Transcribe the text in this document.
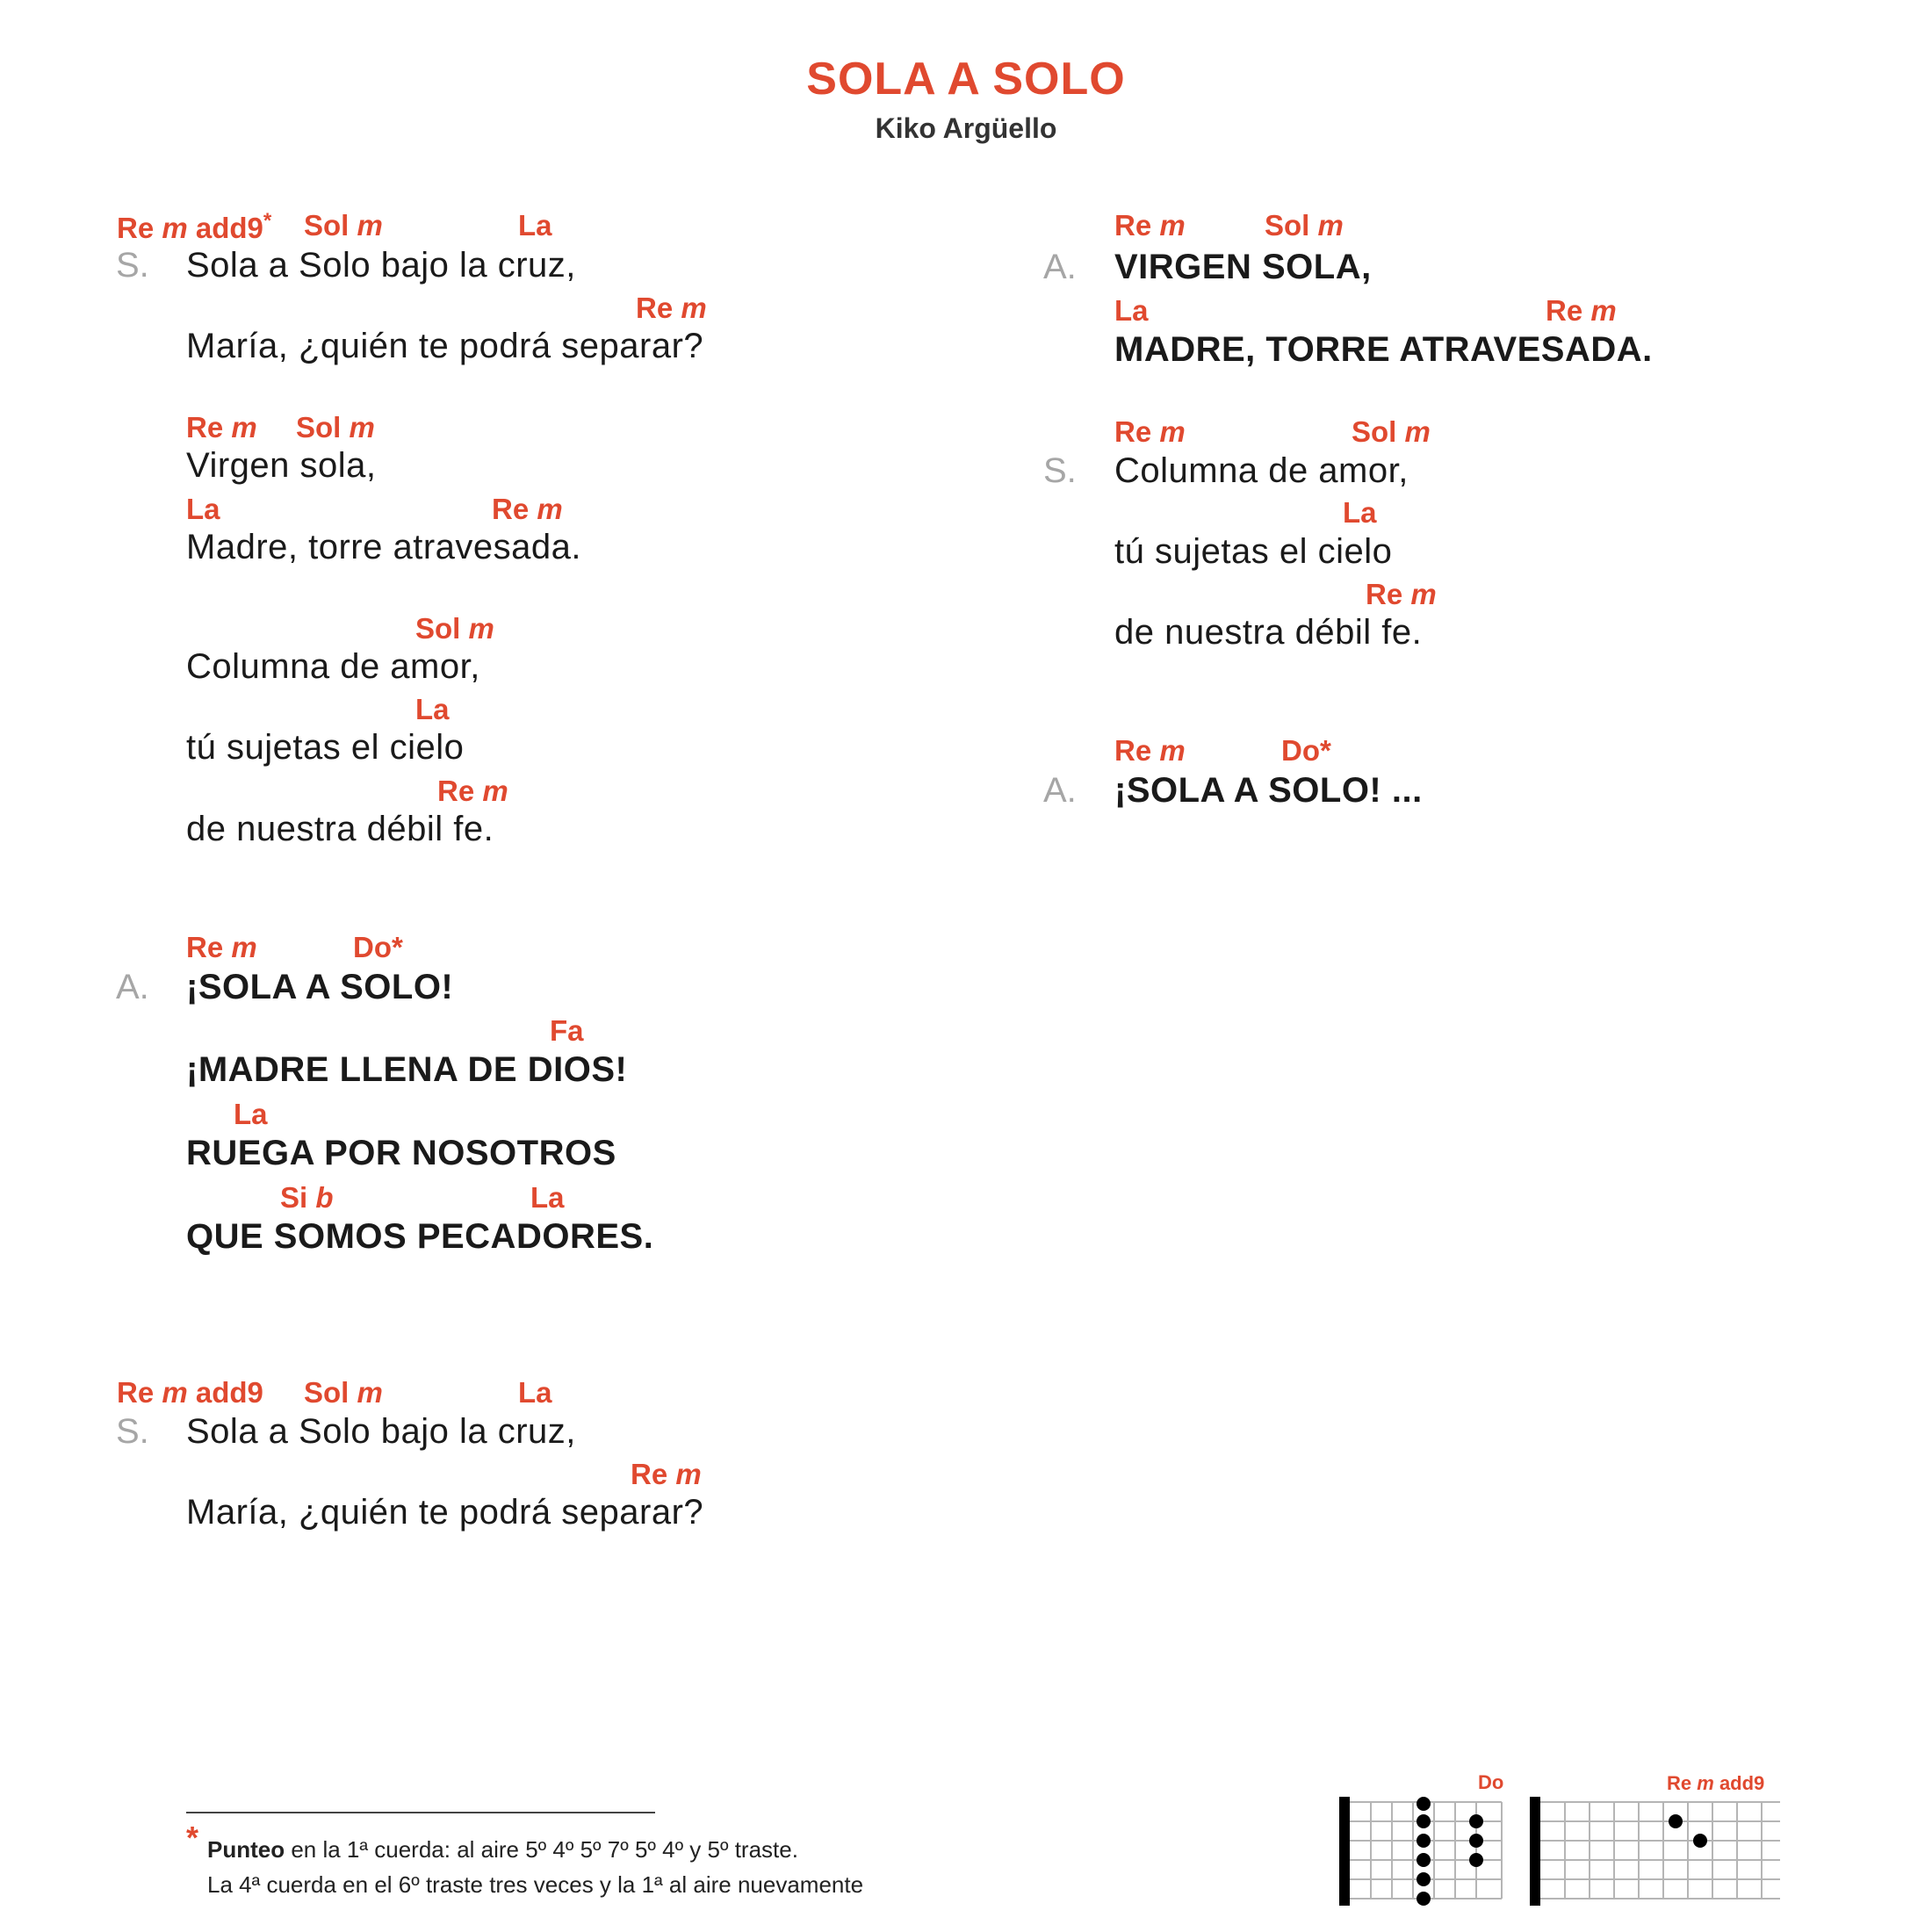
SOLA A SOLO
Kiko Argüello
Re m add9* Sol m	La
S. Sola a Solo bajo la cruz,
Re m
María, ¿quién te podrá separar?
Re m Sol m
Virgen sola,
La	Re m
Madre, torre atravesada.
Sol m
Columna de amor,
La
tú sujetas el cielo
Re m
de nuestra débil fe.
Re m	Do*
A. ¡SOLA A SOLO!
Fa
¡MADRE LLENA DE DIOS!
La
RUEGA POR NOSOTROS
Si b	La
QUE SOMOS PECADORES.
Re m add9 Sol m	La
S. Sola a Solo bajo la cruz,
Re m
María, ¿quién te podrá separar?
Re m	Sol m
A. VIRGEN SOLA,
La	Re m
MADRE, TORRE ATRAVESADA.
Re m	Sol m
S. Columna de amor,
La
tú sujetas el cielo
Re m
de nuestra débil fe.
Re m	Do*
A. ¡SOLA A SOLO! ...
* Punteo en la 1ª cuerda: al aire 5º 4º 5º 7º 5º 4º y 5º traste.
La 4ª cuerda en el 6º traste tres veces y la 1ª al aire nuevamente
Do	Re m add9
